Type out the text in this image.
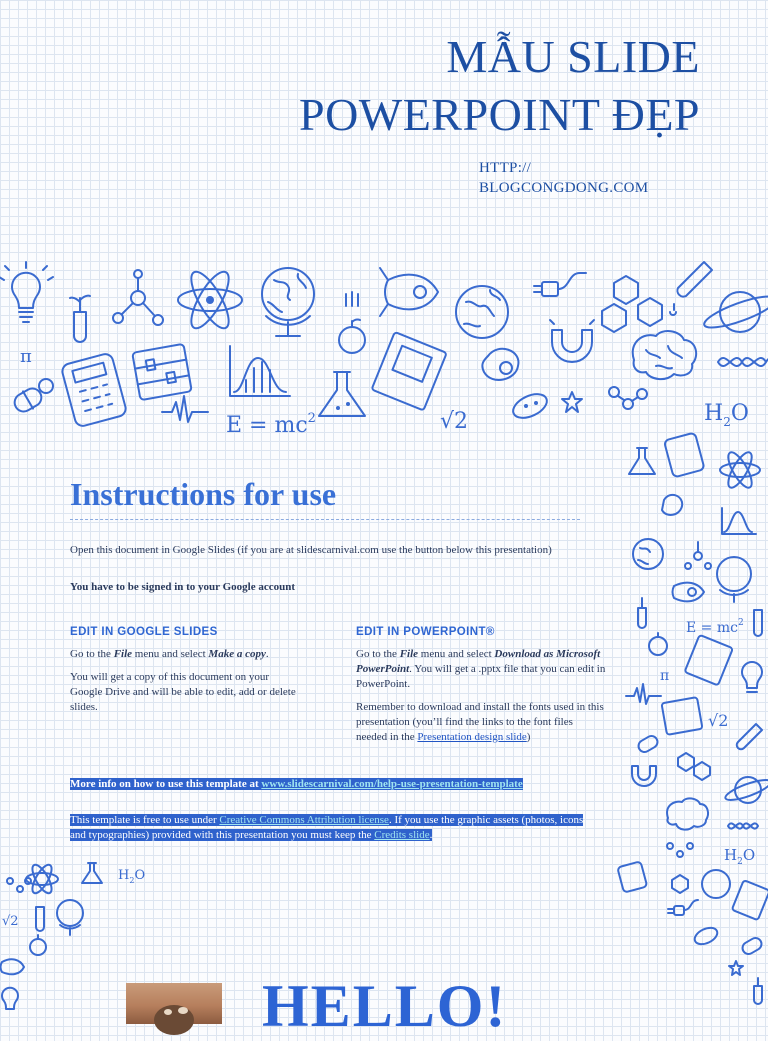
MẪU SLIDE
POWERPOINT ĐẸP
HTTP://
BLOGCONGDONG.COM
π
$E = mc^2$	√2	$H_2O$
$E = mc^2$
π
√2
$H_2O$
$H_2O$
√2
Instructions for use
Open this document in Google Slides (if you are at slidescarnival.com use the button below this presentation)
You have to be signed in to your Google account
EDIT IN GOOGLE SLIDES
Go to the File menu and select Make a copy.
You will get a copy of this document on your Google Drive and will be able to edit, add or delete slides.
EDIT IN POWERPOINT®
Go to the File menu and select Download as Microsoft PowerPoint. You will get a .pptx file that you can edit in PowerPoint.
Remember to download and install the fonts used in this presentation (you’ll find the links to the font files needed in the Presentation design slide)
More info on how to use this template at www.slidescarnival.com/help-use-presentation-template
This template is free to use under Creative Commons Attribution license. If you use the graphic assets (photos, icons and typographies) provided with this presentation you must keep the Credits slide.
HELLO!
